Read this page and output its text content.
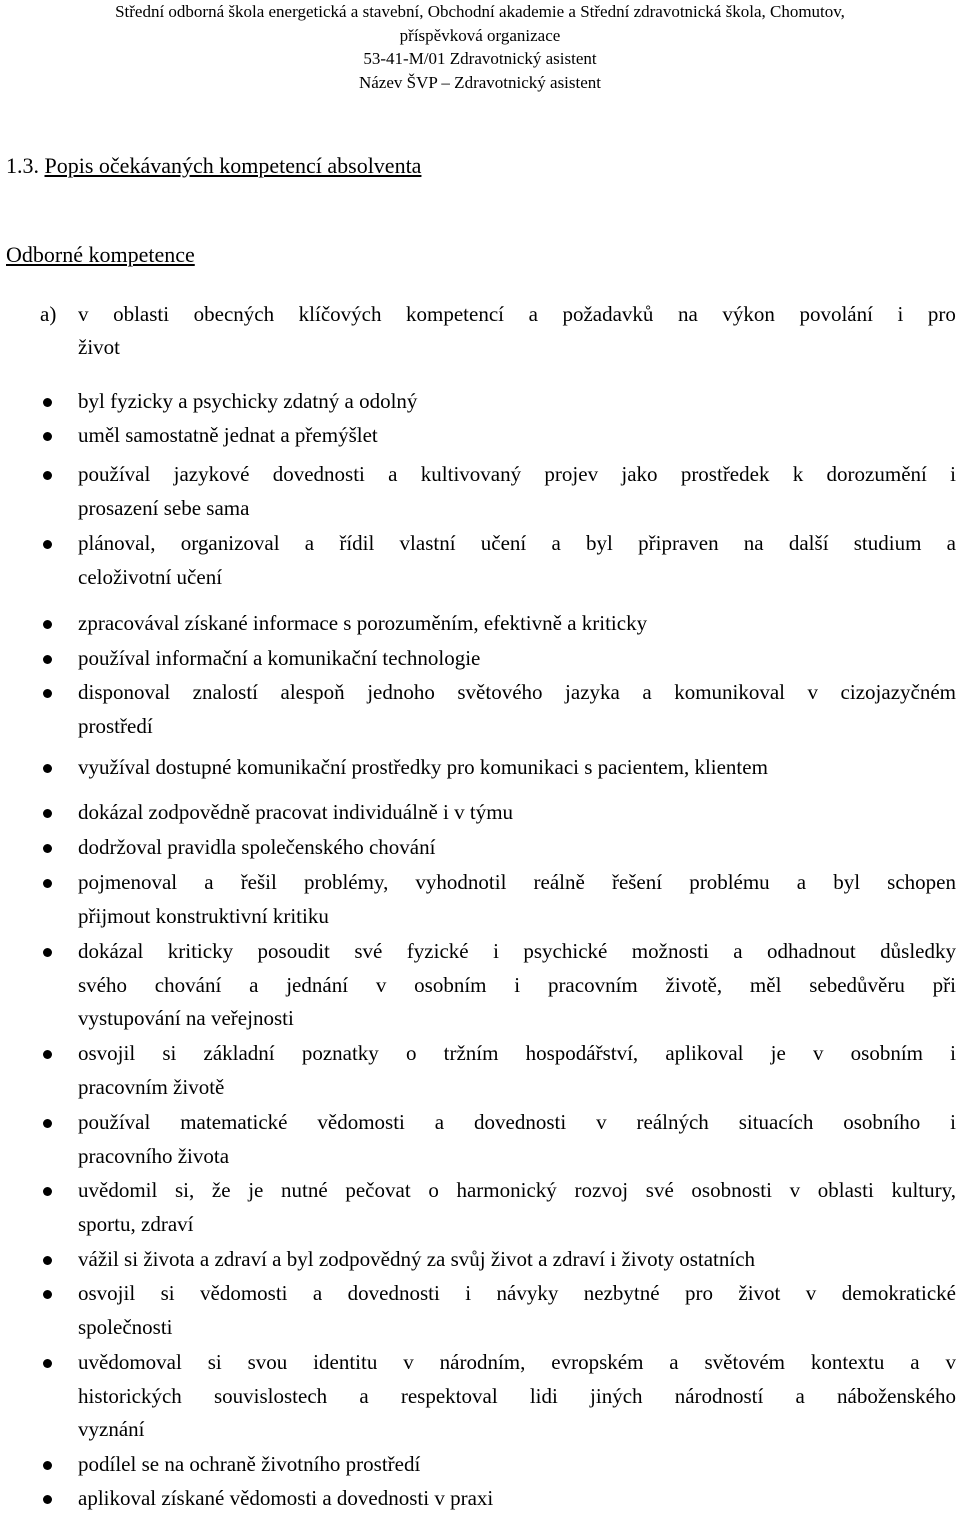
Střední odborná škola energetická a stavební, Obchodní akademie a Střední zdravotnická škola, Chomutov,
příspěvková organizace
53-41-M/01 Zdravotnický asistent
Název ŠVP – Zdravotnický asistent
1.3. Popis očekávaných kompetencí absolventa
Odborné kompetence
a)	v oblasti obecných klíčových kompetencí a požadavků na výkon povolání i pro
život
byl fyzicky a psychicky zdatný a odolný
uměl samostatně jednat a přemýšlet
používal jazykové dovednosti a kultivovaný projev jako prostředek k dorozumění i
prosazení sebe sama
plánoval, organizoval a řídil vlastní učení a byl připraven na další studium a
celoživotní učení
zpracovával získané informace s porozuměním, efektivně a kriticky
používal informační a komunikační technologie
disponoval znalostí alespoň jednoho světového jazyka a komunikoval v cizojazyčném
prostředí
využíval dostupné komunikační prostředky pro komunikaci s pacientem, klientem
dokázal zodpovědně pracovat individuálně i v týmu
dodržoval pravidla společenského chování
pojmenoval a řešil problémy, vyhodnotil reálně řešení problému a byl schopen
přijmout konstruktivní kritiku
dokázal kriticky posoudit své fyzické i psychické možnosti a odhadnout důsledky
svého chování a jednání v osobním i pracovním životě, měl sebedůvěru při
vystupování na veřejnosti
osvojil si základní poznatky o tržním hospodářství, aplikoval je v osobním i
pracovním životě
používal matematické vědomosti a dovednosti v reálných situacích osobního i
pracovního života
uvědomil si, že je nutné pečovat o harmonický rozvoj své osobnosti v oblasti kultury,
sportu, zdraví
vážil si života a zdraví a byl zodpovědný za svůj život a zdraví i životy ostatních
osvojil si vědomosti a dovednosti i návyky nezbytné pro život v demokratické
společnosti
uvědomoval si svou identitu v národním, evropském a světovém kontextu a v
historických souvislostech a respektoval lidi jiných národností a náboženského
vyznání
podílel se na ochraně životního prostředí
aplikoval získané vědomosti a dovednosti v praxi
